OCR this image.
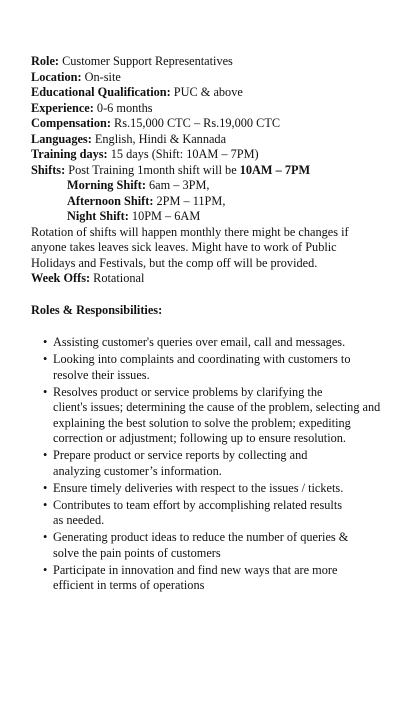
Role: Customer Support Representatives
Location: On-site
Educational Qualification: PUC & above
Experience: 0-6 months
Compensation: Rs.15,000 CTC – Rs.19,000 CTC
Languages: English, Hindi & Kannada
Training days: 15 days (Shift: 10AM – 7PM)
Shifts: Post Training 1month shift will be 10AM – 7PM
Morning Shift: 6am – 3PM,
Afternoon Shift: 2PM – 11PM,
Night Shift: 10PM – 6AM
Rotation of shifts will happen monthly there might be changes if anyone takes leaves sick leaves. Might have to work of Public Holidays and Festivals, but the comp off will be provided.
Week Offs: Rotational
Roles & Responsibilities:
• Assisting customer's queries over email, call and messages.
• Looking into complaints and coordinating with customers to
resolve their issues.
• Resolves product or service problems by clarifying the
client's issues; determining the cause of the problem, selecting and explaining the best solution to solve the problem; expediting correction or adjustment; following up to ensure resolution.
• Prepare product or service reports by collecting and
analyzing customer’s information.
• Ensure timely deliveries with respect to the issues / tickets.
• Contributes to team effort by accomplishing related results
as needed.
• Generating product ideas to reduce the number of queries &
solve the pain points of customers
• Participate in innovation and find new ways that are more
efficient in terms of operations
